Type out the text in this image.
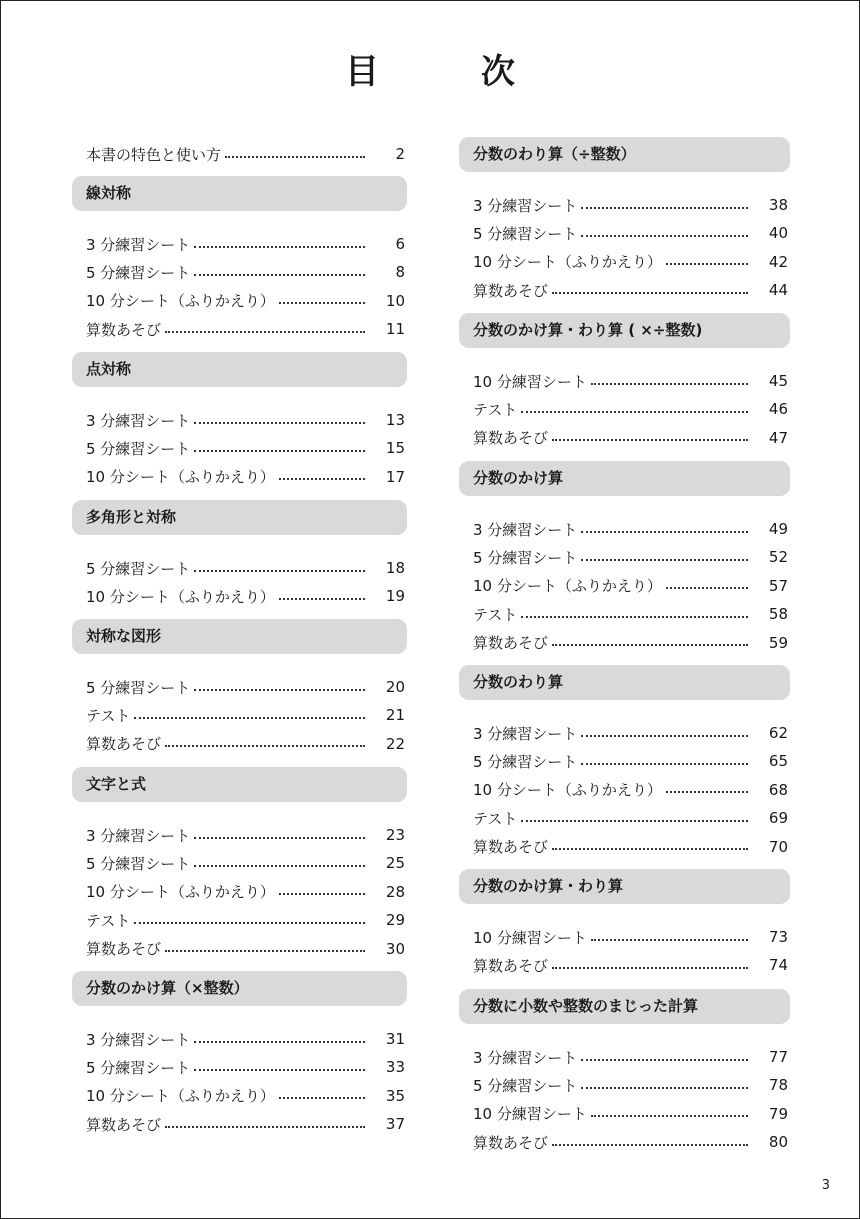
目　次
本書の特色と使い方	2
線対称
3 分練習シート	6
5 分練習シート	8
10 分シート（ふりかえり）	10
算数あそび	11
点対称
3 分練習シート	13
5 分練習シート	15
10 分シート（ふりかえり）	17
多角形と対称
5 分練習シート	18
10 分シート（ふりかえり）	19
対称な図形
5 分練習シート	20
テスト	21
算数あそび	22
文字と式
3 分練習シート	23
5 分練習シート	25
10 分シート（ふりかえり）	28
テスト	29
算数あそび	30
分数のかけ算（×整数）
3 分練習シート	31
5 分練習シート	33
10 分シート（ふりかえり）	35
算数あそび	37
分数のわり算（÷整数）
3 分練習シート	38
5 分練習シート	40
10 分シート（ふりかえり）	42
算数あそび	44
分数のかけ算・わり算 ( ×÷整数)
10 分練習シート	45
テスト	46
算数あそび	47
分数のかけ算
3 分練習シート	49
5 分練習シート	52
10 分シート（ふりかえり）	57
テスト	58
算数あそび	59
分数のわり算
3 分練習シート	62
5 分練習シート	65
10 分シート（ふりかえり）	68
テスト	69
算数あそび	70
分数のかけ算・わり算
10 分練習シート	73
算数あそび	74
分数に小数や整数のまじった計算
3 分練習シート	77
5 分練習シート	78
10 分練習シート	79
算数あそび	80
3
